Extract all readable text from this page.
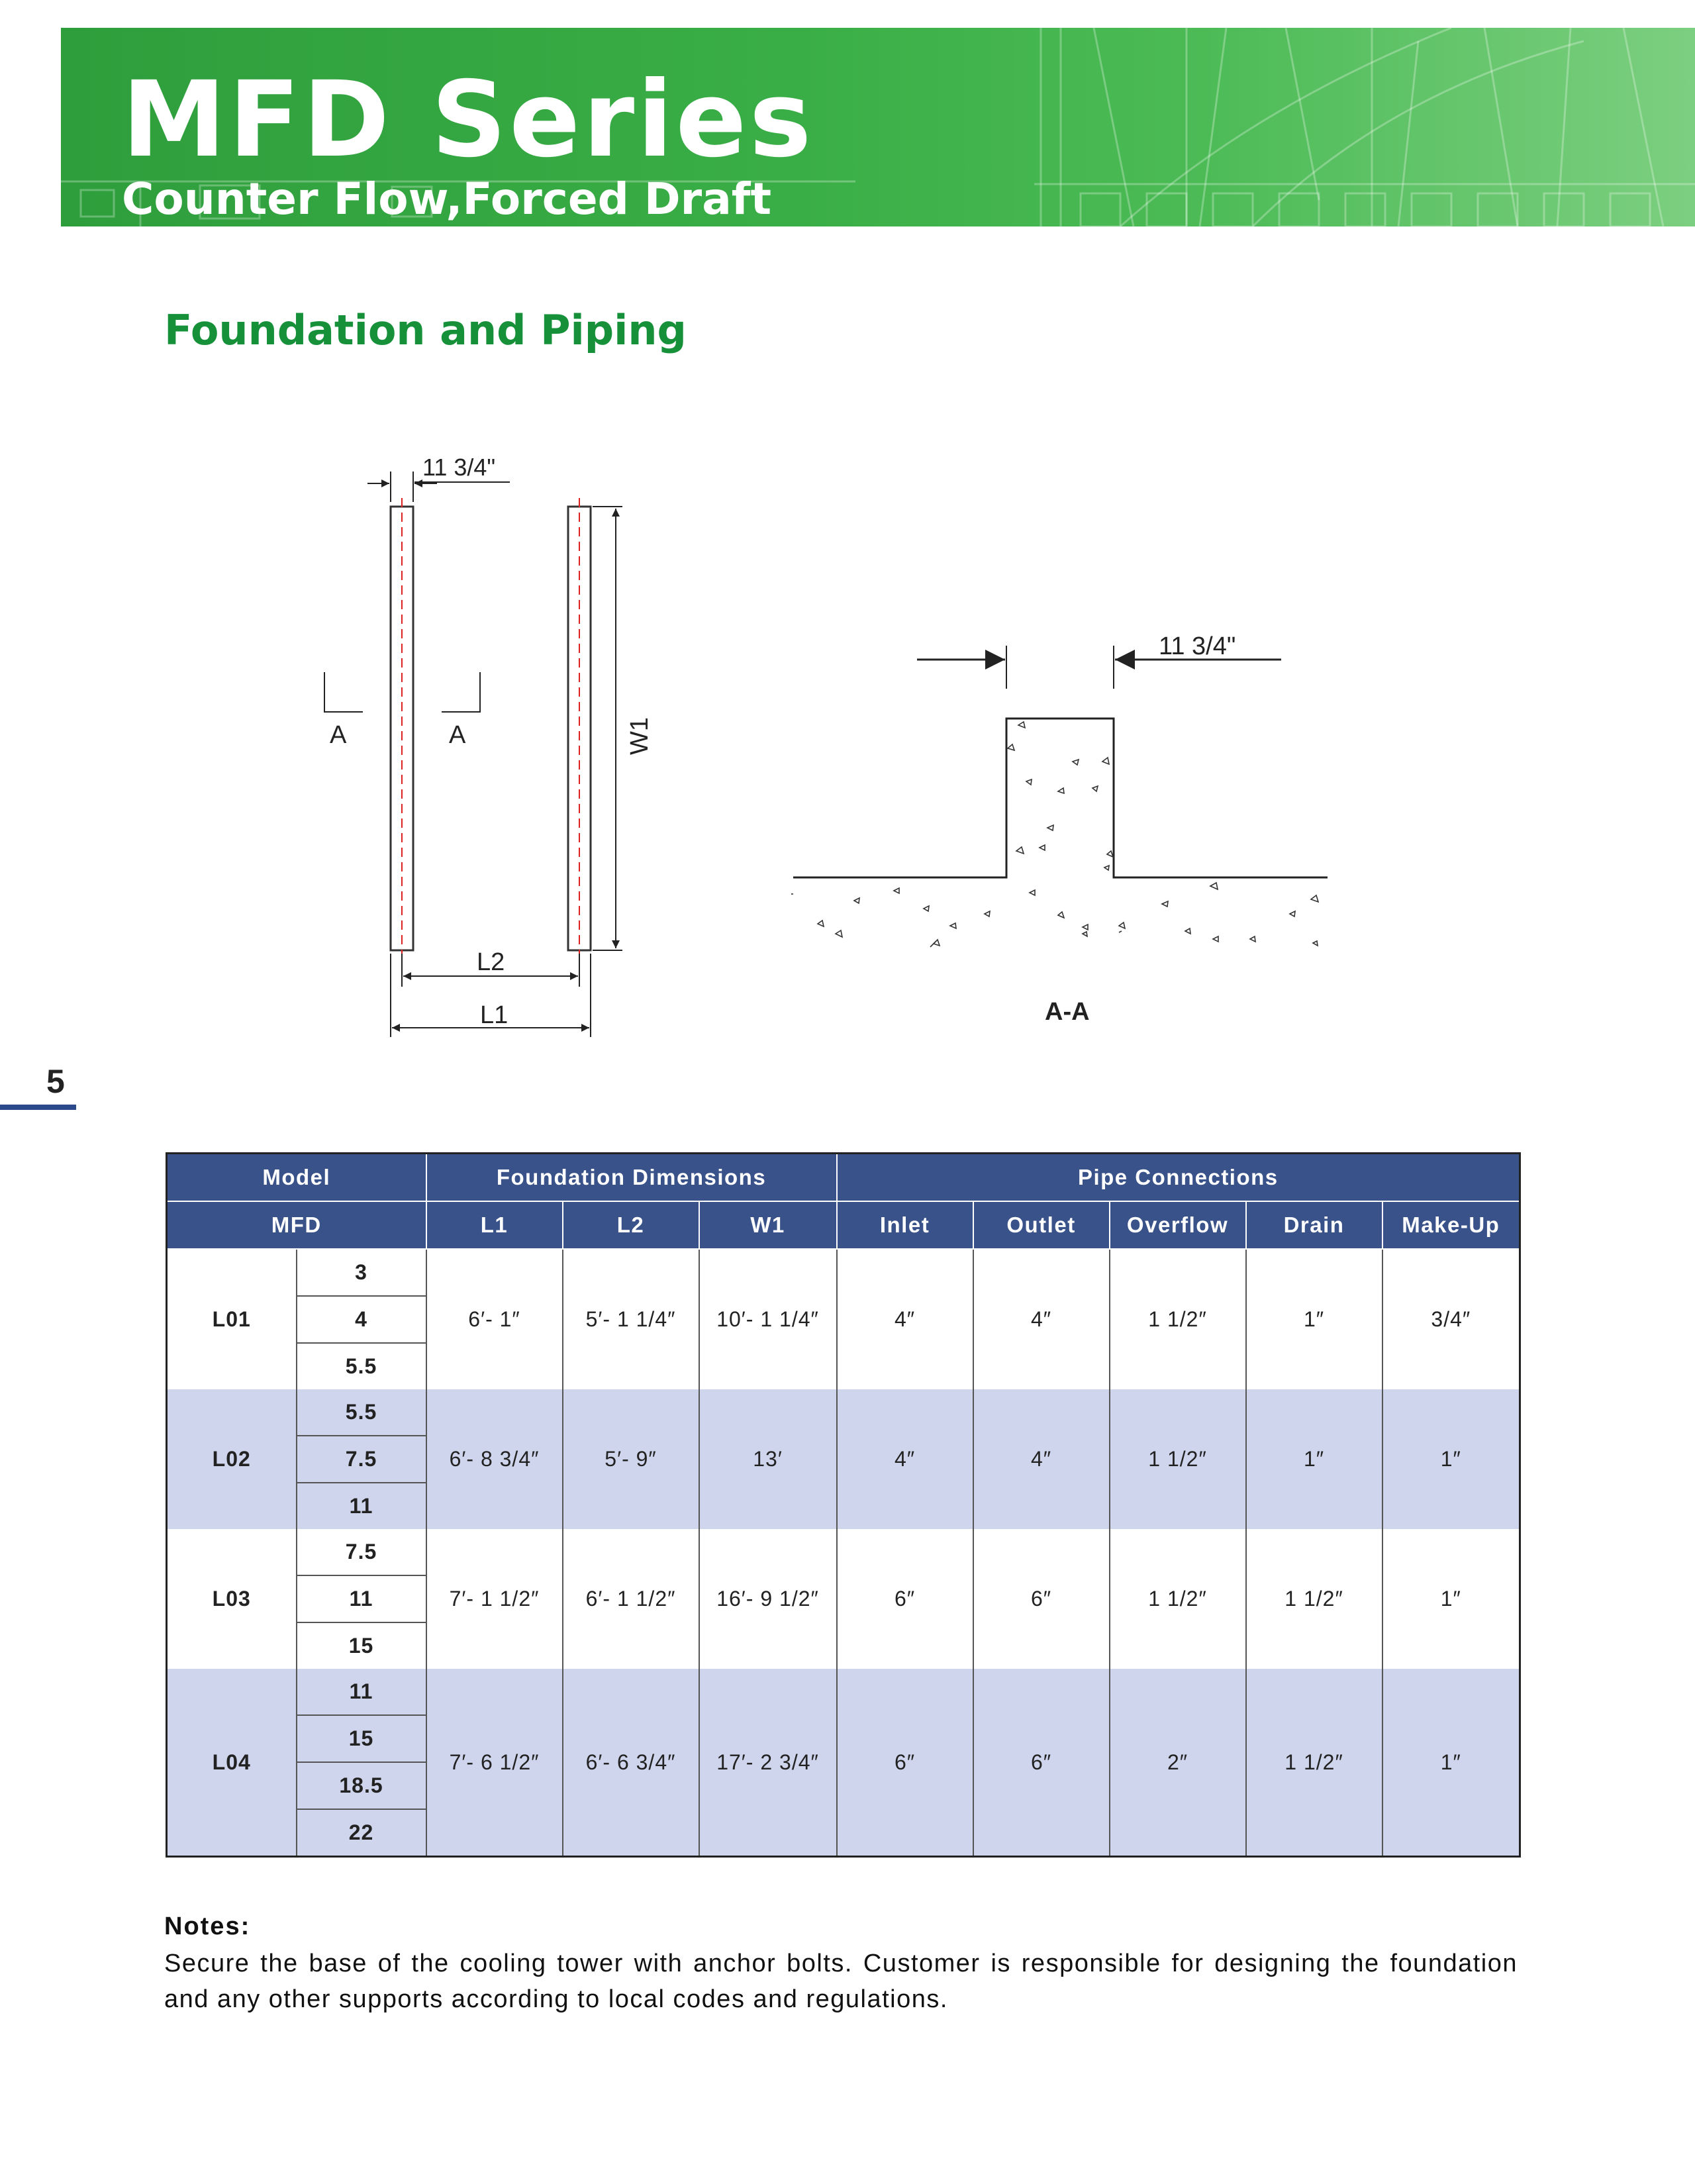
MFD Series
Counter Flow,Forced Draft
Foundation and Piping
11 3/4"
A	A	W1
L2
L1
11 3/4"
A-A
5
Model		Foundation Dimensions			Pipe Connections				
MFD		L1	L2	W1	Inlet	Outlet	Overflow	Drain	Make-Up
L01	3	6′- 1″	5′- 1 1/4″	10′- 1 1/4″	4″	4″	1 1/2″	1″	3/4″
	4								
	5.5								
L02	5.5	6′- 8 3/4″	5′- 9″	13′	4″	4″	1 1/2″	1″	1″
	7.5								
	11								
L03	7.5	7′- 1 1/2″	6′- 1 1/2″	16′- 9 1/2″	6″	6″	1 1/2″	1 1/2″	1″
	11								
	15								
L04	11	7′- 6 1/2″	6′- 6 3/4″	17′- 2 3/4″	6″	6″	2″	1 1/2″	1″
	15								
	18.5								
	22								
Notes:
Secure the base of the cooling tower with anchor bolts. Customer is responsible for designing the foundation and any other supports according to local codes and regulations.
